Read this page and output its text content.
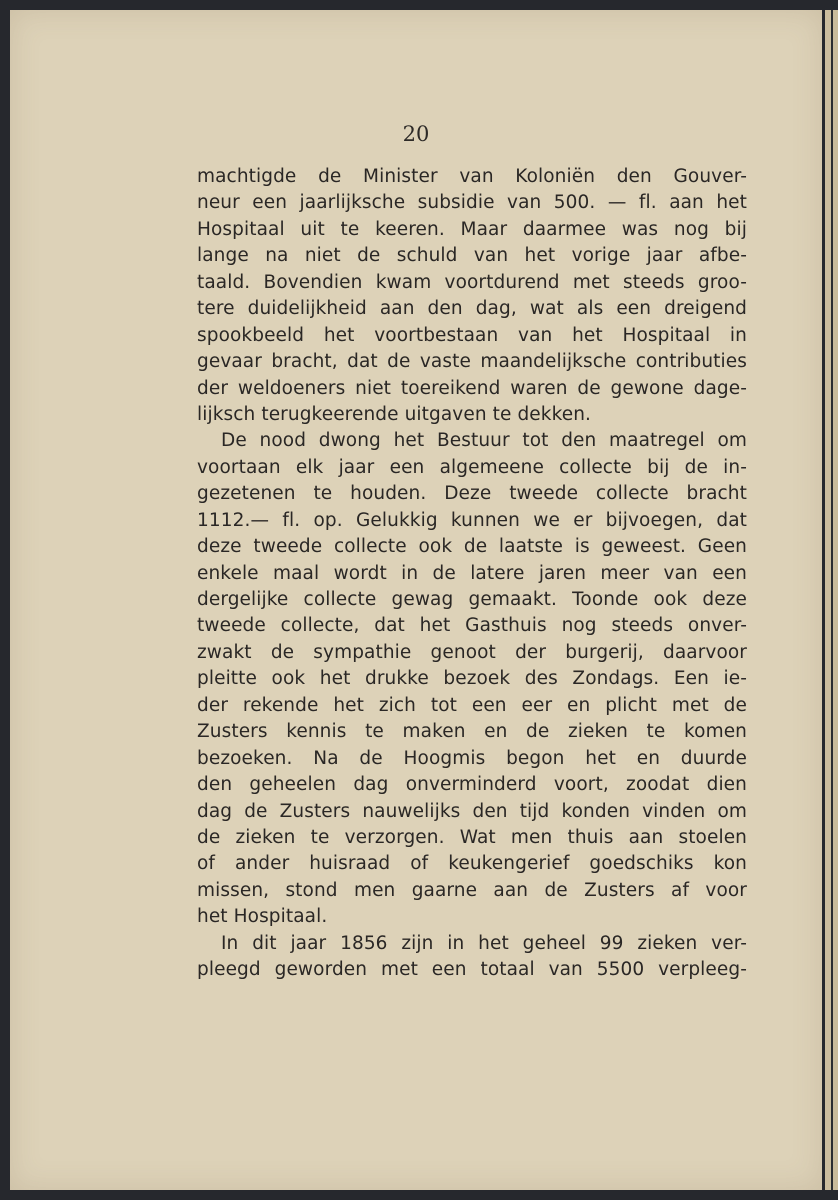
20
machtigde de Minister van Koloniën den Gouver-
neur een jaarlijksche subsidie van 500. — fl. aan het
Hospitaal uit te keeren. Maar daarmee was nog bij
lange na niet de schuld van het vorige jaar afbe-
taald. Bovendien kwam voortdurend met steeds groo-
tere duidelijkheid aan den dag, wat als een dreigend
spookbeeld het voortbestaan van het Hospitaal in
gevaar bracht, dat de vaste maandelijksche contributies
der weldoeners niet toereikend waren de gewone dage-
lijksch terugkeerende uitgaven te dekken.
De nood dwong het Bestuur tot den maatregel om
voortaan elk jaar een algemeene collecte bij de in-
gezetenen te houden. Deze tweede collecte bracht
1112.— fl. op. Gelukkig kunnen we er bijvoegen, dat
deze tweede collecte ook de laatste is geweest. Geen
enkele maal wordt in de latere jaren meer van een
dergelijke collecte gewag gemaakt. Toonde ook deze
tweede collecte, dat het Gasthuis nog steeds onver-
zwakt de sympathie genoot der burgerij, daarvoor
pleitte ook het drukke bezoek des Zondags. Een ie-
der rekende het zich tot een eer en plicht met de
Zusters kennis te maken en de zieken te komen
bezoeken. Na de Hoogmis begon het en duurde
den geheelen dag onverminderd voort, zoodat dien
dag de Zusters nauwelijks den tijd konden vinden om
de zieken te verzorgen. Wat men thuis aan stoelen
of ander huisraad of keukengerief goedschiks kon
missen, stond men gaarne aan de Zusters af voor
het Hospitaal.
In dit jaar 1856 zijn in het geheel 99 zieken ver-
pleegd geworden met een totaal van 5500 verpleeg-
